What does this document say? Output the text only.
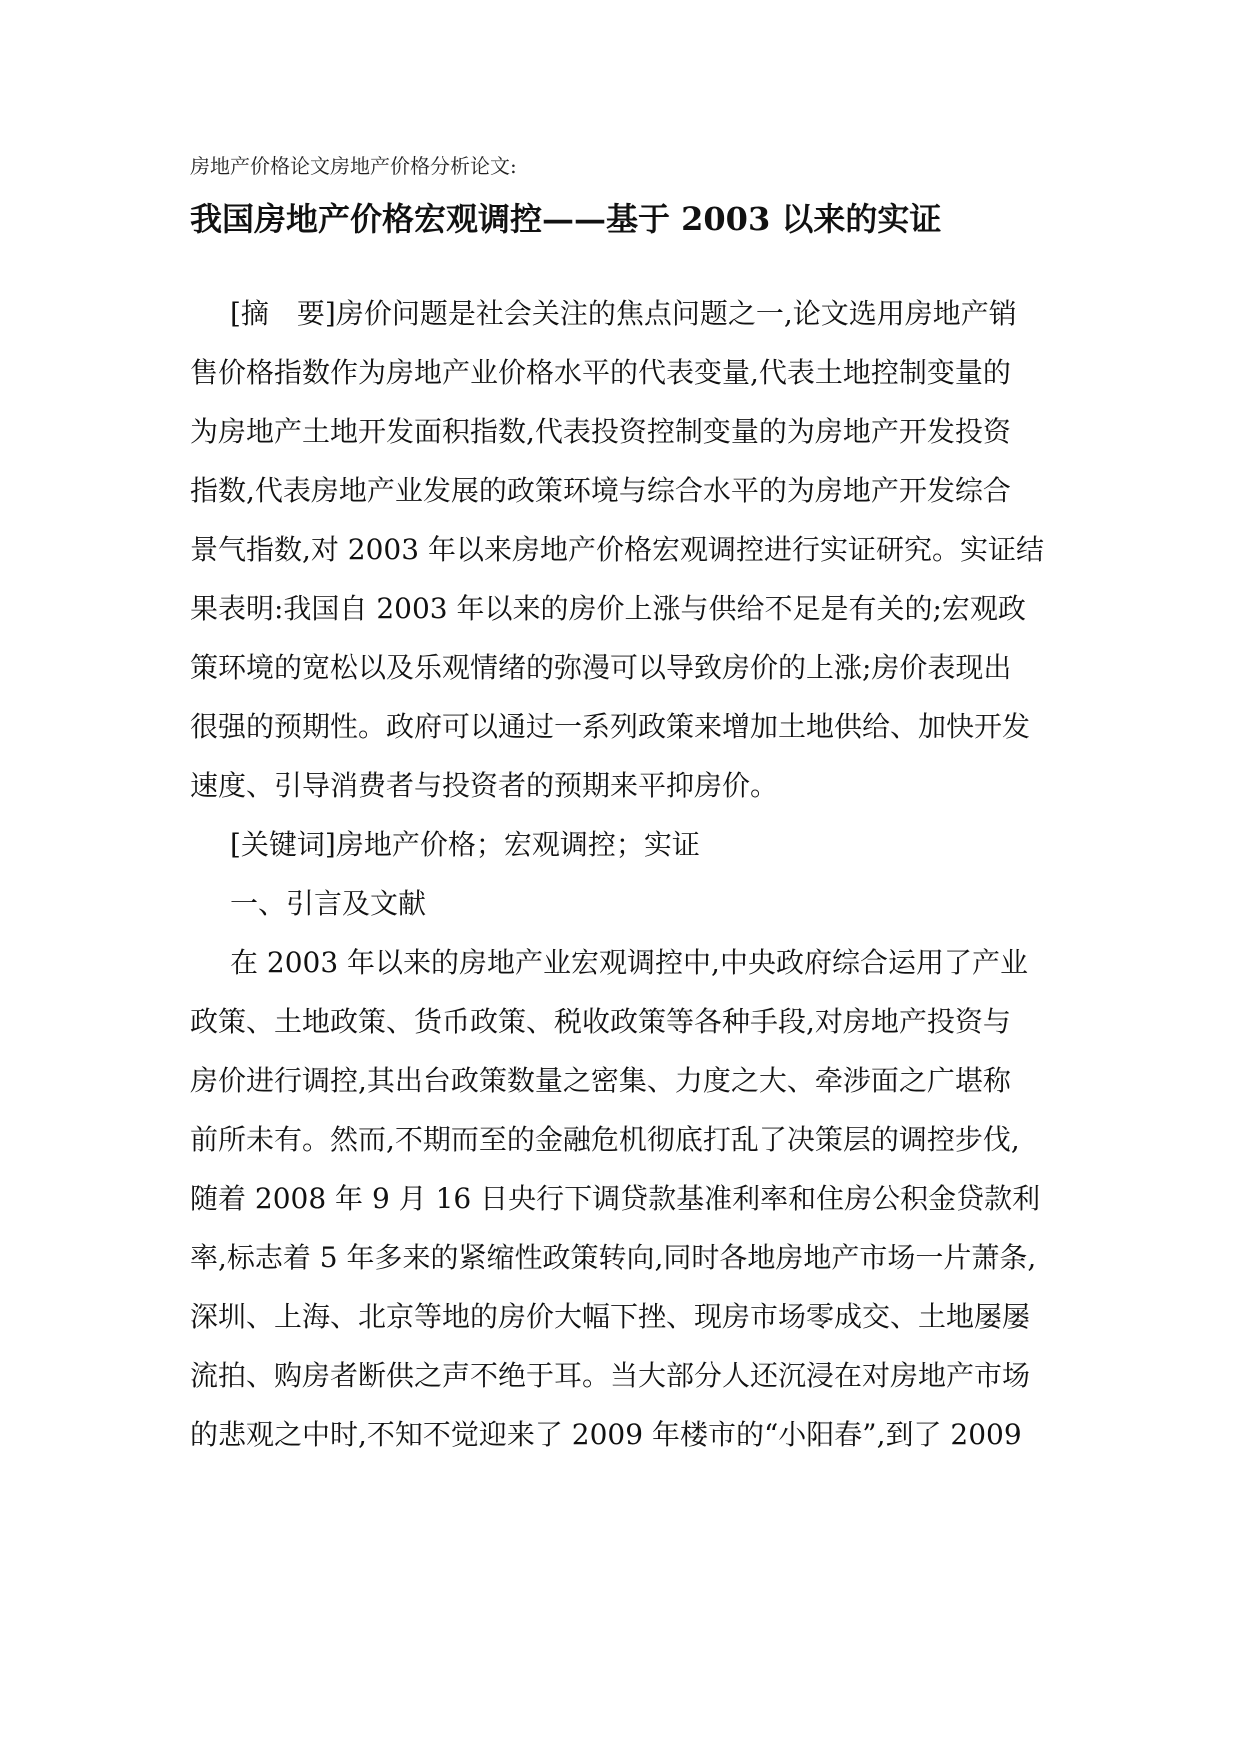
房地产价格论文房地产价格分析论文:
我国房地产价格宏观调控——基于 2003 以来的实证
[摘　要]房价问题是社会关注的焦点问题之一,论文选用房地产销
售价格指数作为房地产业价格水平的代表变量,代表土地控制变量的
为房地产土地开发面积指数,代表投资控制变量的为房地产开发投资
指数,代表房地产业发展的政策环境与综合水平的为房地产开发综合
景气指数,对 2003 年以来房地产价格宏观调控进行实证研究。实证结
果表明:我国自 2003 年以来的房价上涨与供给不足是有关的;宏观政
策环境的宽松以及乐观情绪的弥漫可以导致房价的上涨;房价表现出
很强的预期性。政府可以通过一系列政策来增加土地供给、加快开发
速度、引导消费者与投资者的预期来平抑房价。
[关键词]房地产价格；宏观调控；实证
一、引言及文献
在 2003 年以来的房地产业宏观调控中,中央政府综合运用了产业
政策、土地政策、货币政策、税收政策等各种手段,对房地产投资与
房价进行调控,其出台政策数量之密集、力度之大、牵涉面之广堪称
前所未有。然而,不期而至的金融危机彻底打乱了决策层的调控步伐,
随着 2008 年 9 月 16 日央行下调贷款基准利率和住房公积金贷款利
率,标志着 5 年多来的紧缩性政策转向,同时各地房地产市场一片萧条,
深圳、上海、北京等地的房价大幅下挫、现房市场零成交、土地屡屡
流拍、购房者断供之声不绝于耳。当大部分人还沉浸在对房地产市场
的悲观之中时,不知不觉迎来了 2009 年楼市的“小阳春”,到了 2009
